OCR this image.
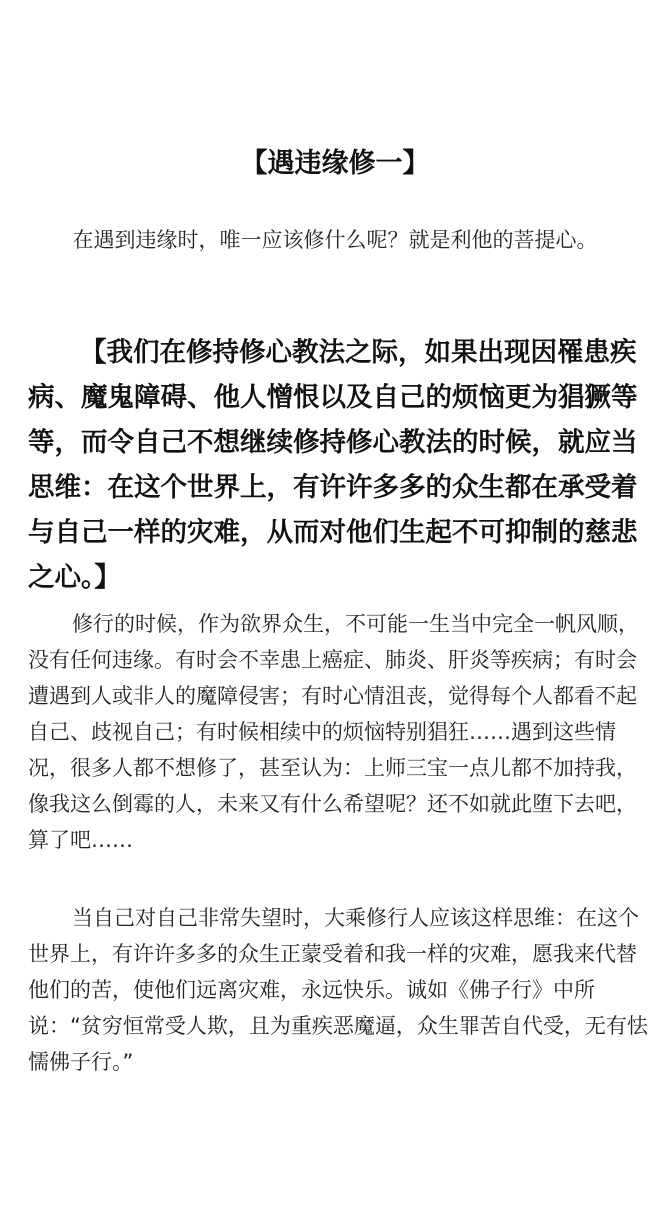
【遇违缘修一】
在遇到违缘时，唯一应该修什么呢？就是利他的菩提心。
【我们在修持修心教法之际，如果出现因罹患疾病、魔鬼障碍、他人憎恨以及自己的烦恼更为猖獗等等，而令自己不想继续修持修心教法的时候，就应当思维：在这个世界上，有许许多多的众生都在承受着与自己一样的灾难，从而对他们生起不可抑制的慈悲之心。】
修行的时候，作为欲界众生，不可能一生当中完全一帆风顺，没有任何违缘。有时会不幸患上癌症、肺炎、肝炎等疾病；有时会遭遇到人或非人的魔障侵害；有时心情沮丧，觉得每个人都看不起自己、歧视自己；有时候相续中的烦恼特别猖狂……遇到这些情况，很多人都不想修了，甚至认为：上师三宝一点儿都不加持我，像我这么倒霉的人，未来又有什么希望呢？还不如就此堕下去吧，算了吧……
当自己对自己非常失望时，大乘修行人应该这样思维：在这个世界上，有许许多多的众生正蒙受着和我一样的灾难，愿我来代替他们的苦，使他们远离灾难，永远快乐。诚如《佛子行》中所说：“贫穷恒常受人欺，且为重疾恶魔逼，众生罪苦自代受，无有怯懦佛子行。”
